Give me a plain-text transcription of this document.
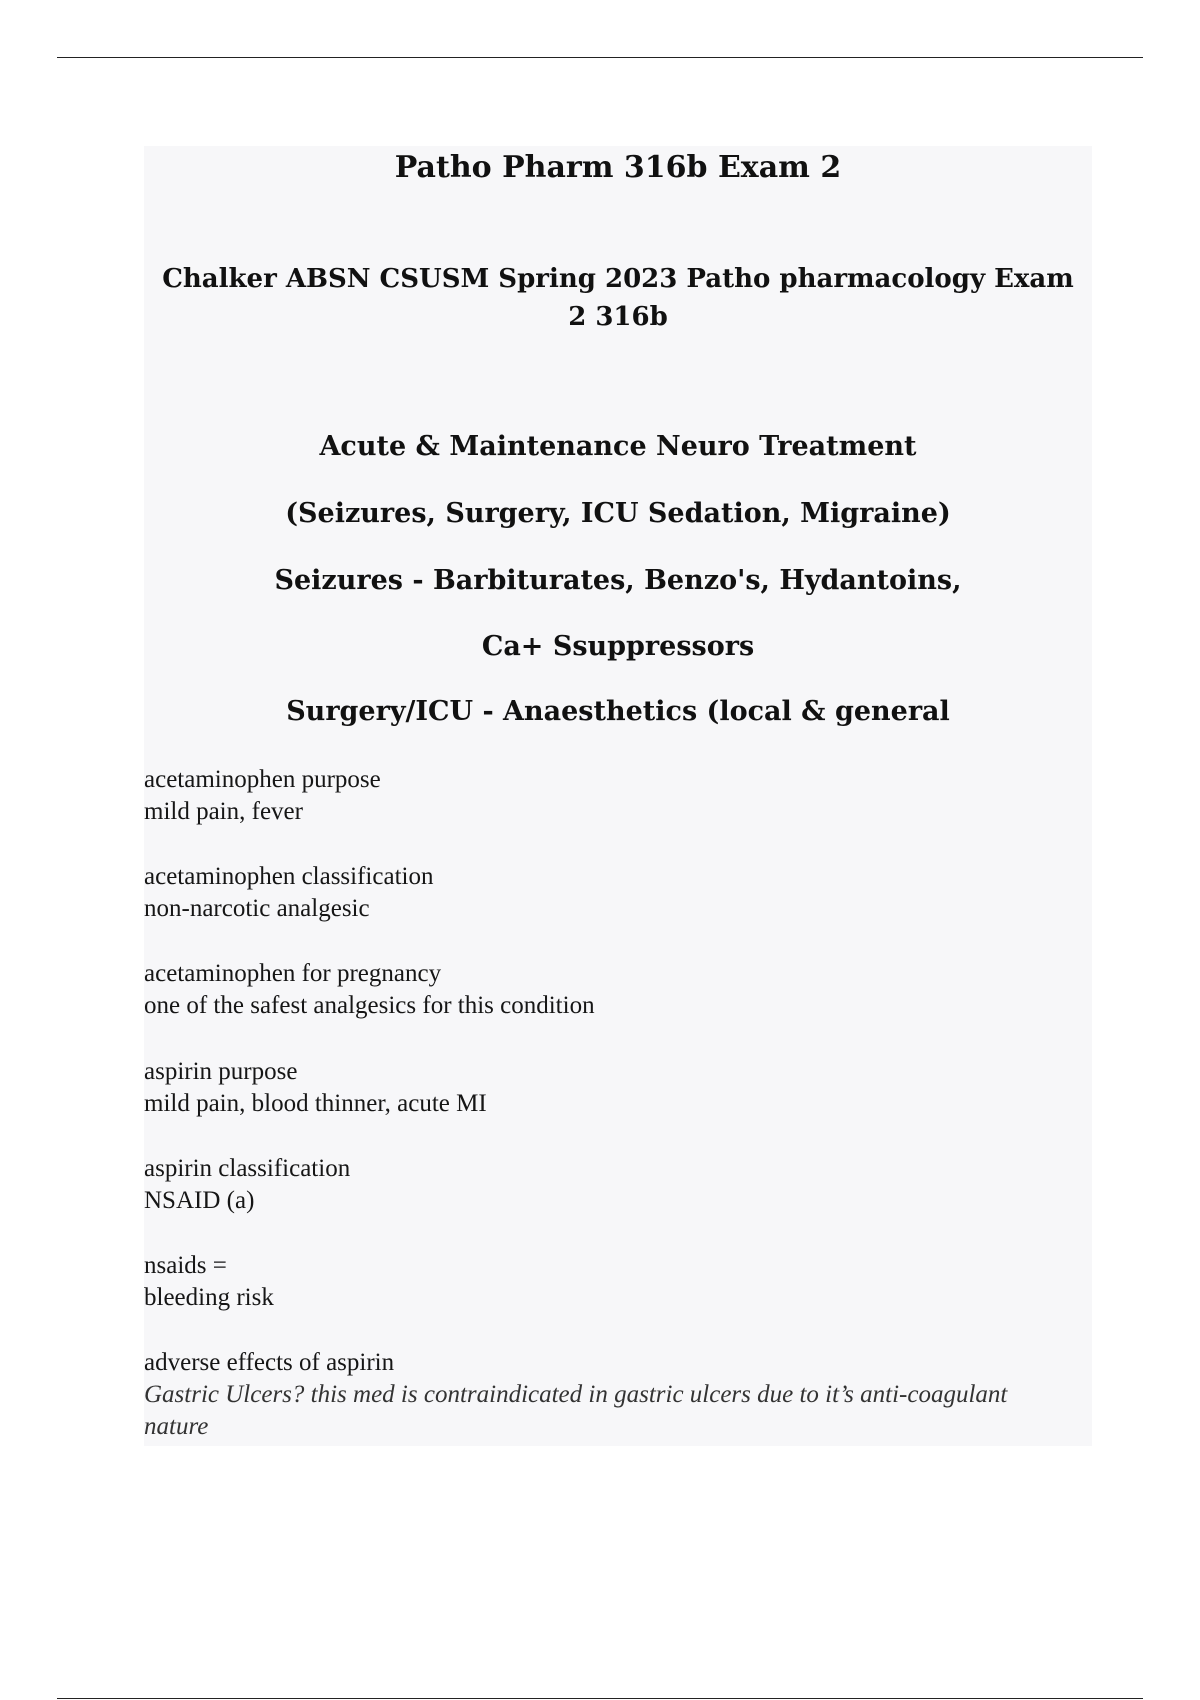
Patho Pharm 316b Exam 2
Chalker ABSN CSUSM Spring 2023 Patho pharmacology Exam 2 316b
Acute & Maintenance Neuro Treatment
(Seizures, Surgery, ICU Sedation, Migraine)
Seizures - Barbiturates, Benzo's, Hydantoins,
Ca+ Ssuppressors
Surgery/ICU - Anaesthetics (local & general
acetaminophen purpose
mild pain, fever
acetaminophen classification
non-narcotic analgesic
acetaminophen for pregnancy
one of the safest analgesics for this condition
aspirin purpose
mild pain, blood thinner, acute MI
aspirin classification
NSAID (a)
nsaids =
bleeding risk
adverse effects of aspirin
Gastric Ulcers? this med is contraindicated in gastric ulcers due to it’s anti-coagulant nature
